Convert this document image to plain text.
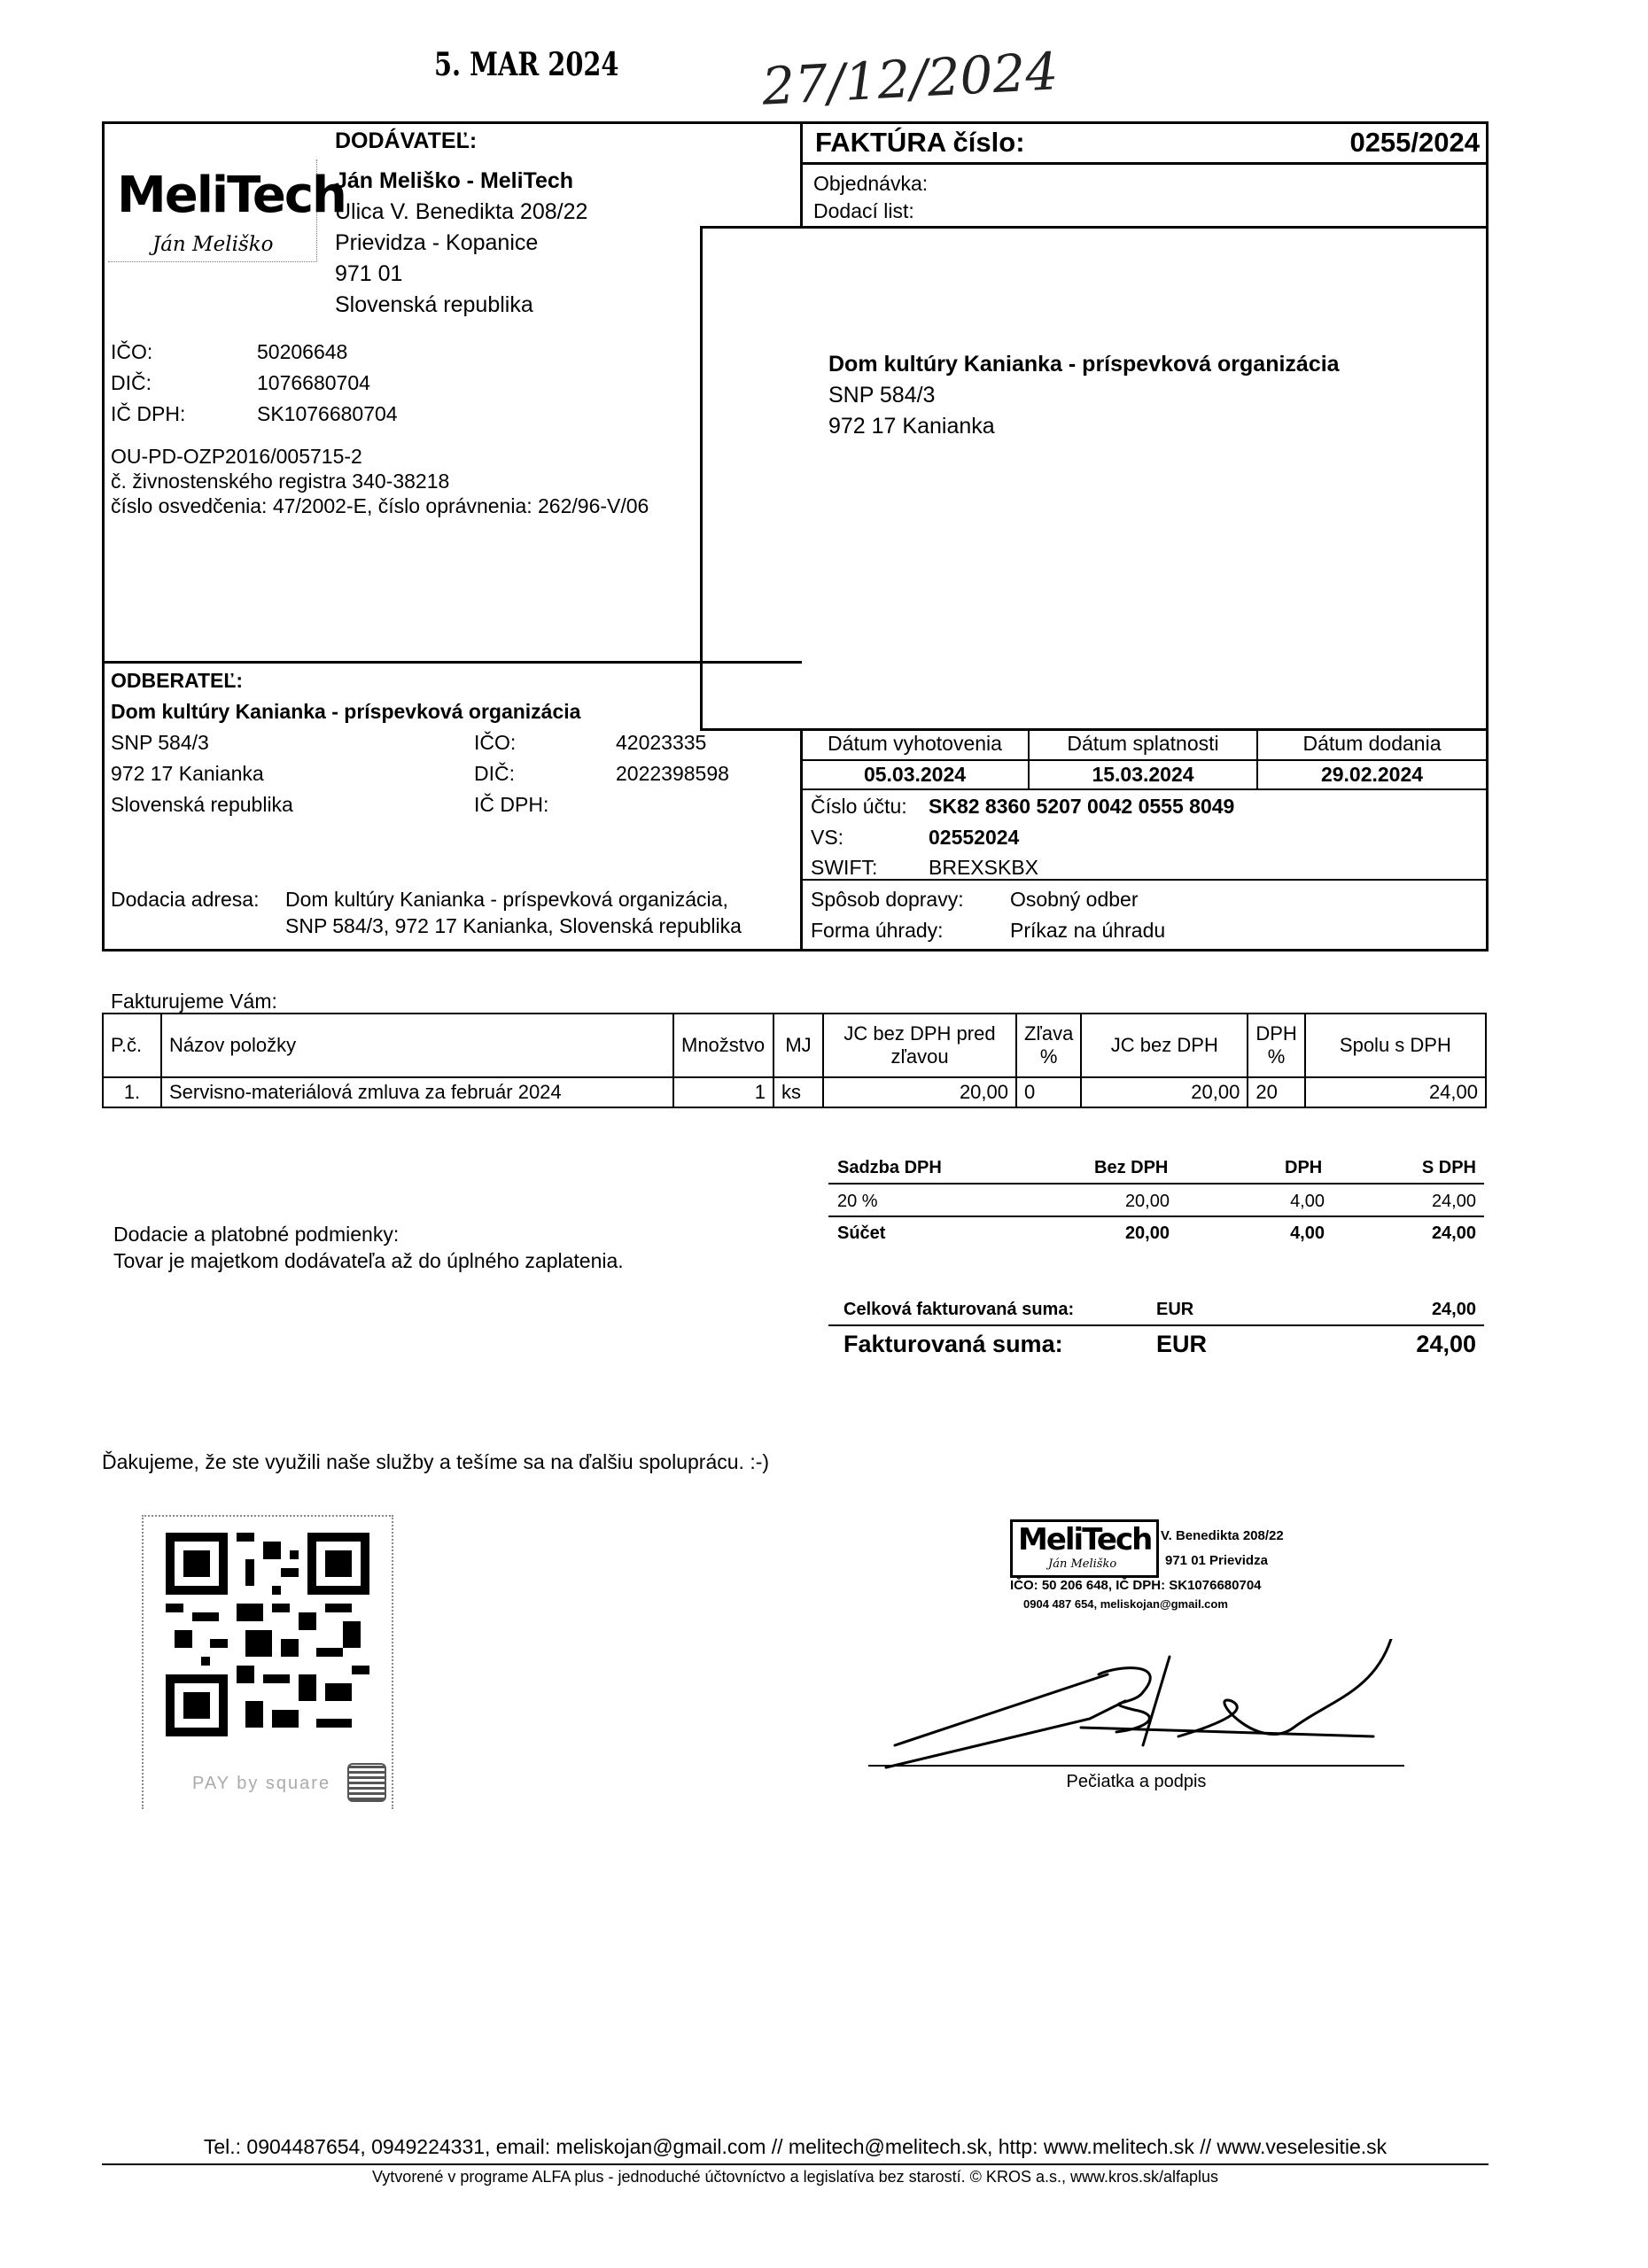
5. MAR 2024	27/12/2024
MeliTech
Ján Meliško
DODÁVATEĽ:
Ján Meliško - MeliTech
Ulica V. Benedikta 208/22
Prievidza - Kopanice
971 01
Slovenská republika
IČO:	50206648
DIČ:	1076680704
IČ DPH:	SK1076680704
OU-PD-OZP2016/005715-2
č. živnostenského registra 340-38218
číslo osvedčenia: 47/2002-E, číslo oprávnenia: 262/96-V/06
FAKTÚRA číslo:	0255/2024
Objednávka:
Dodací list:
Dom kultúry Kanianka - príspevková organizácia
SNP 584/3
972 17 Kanianka
ODBERATEĽ:
Dom kultúry Kanianka - príspevková organizácia
SNP 584/3
972 17 Kanianka
Slovenská republika
IČO:	42023335
DIČ:	2022398598
IČ DPH:
Dodacia adresa: Dom kultúry Kanianka - príspevková organizácia,
SNP 584/3, 972 17 Kanianka, Slovenská republika
Dátum vyhotovenia	Dátum splatnosti	Dátum dodania
05.03.2024	15.03.2024	29.02.2024
Číslo účtu: SK82 8360 5207 0042 0555 8049
VS:	02552024
SWIFT:	BREXSKBX
Spôsob dopravy: Osobný odber
Forma úhrady:	Príkaz na úhradu
Fakturujeme Vám:
P.č.	Názov položky	Množstvo	MJ	JC bez DPH pred zľavou	Zľava %	JC bez DPH	DPH %	Spolu s DPH
1.	Servisno-materiálová zmluva za február 2024	1	ks	20,00	0	20,00	20	24,00
Sadzba DPH	Bez DPH	DPH	S DPH
20 %	20,00	4,00	24,00
Súčet	20,00	4,00	24,00
Dodacie a platobné podmienky:
Tovar je majetkom dodávateľa až do úplného zaplatenia.
Celková fakturovaná suma:	EUR	24,00
Fakturovaná suma:	EUR	24,00
Ďakujeme, že ste využili naše služby a tešíme sa na ďalšiu spoluprácu. :-)
PAY by square
MeliTech
Ján Meliško
V. Benedikta 208/22
971 01 Prievidza
IČO: 50 206 648, IČ DPH: SK1076680704
0904 487 654, meliskojan@gmail.com
Pečiatka a podpis
Tel.: 0904487654, 0949224331, email: meliskojan@gmail.com // melitech@melitech.sk, http: www.melitech.sk // www.veselesitie.sk
Vytvorené v programe ALFA plus - jednoduché účtovníctvo a legislatíva bez starostí. © KROS a.s., www.kros.sk/alfaplus
